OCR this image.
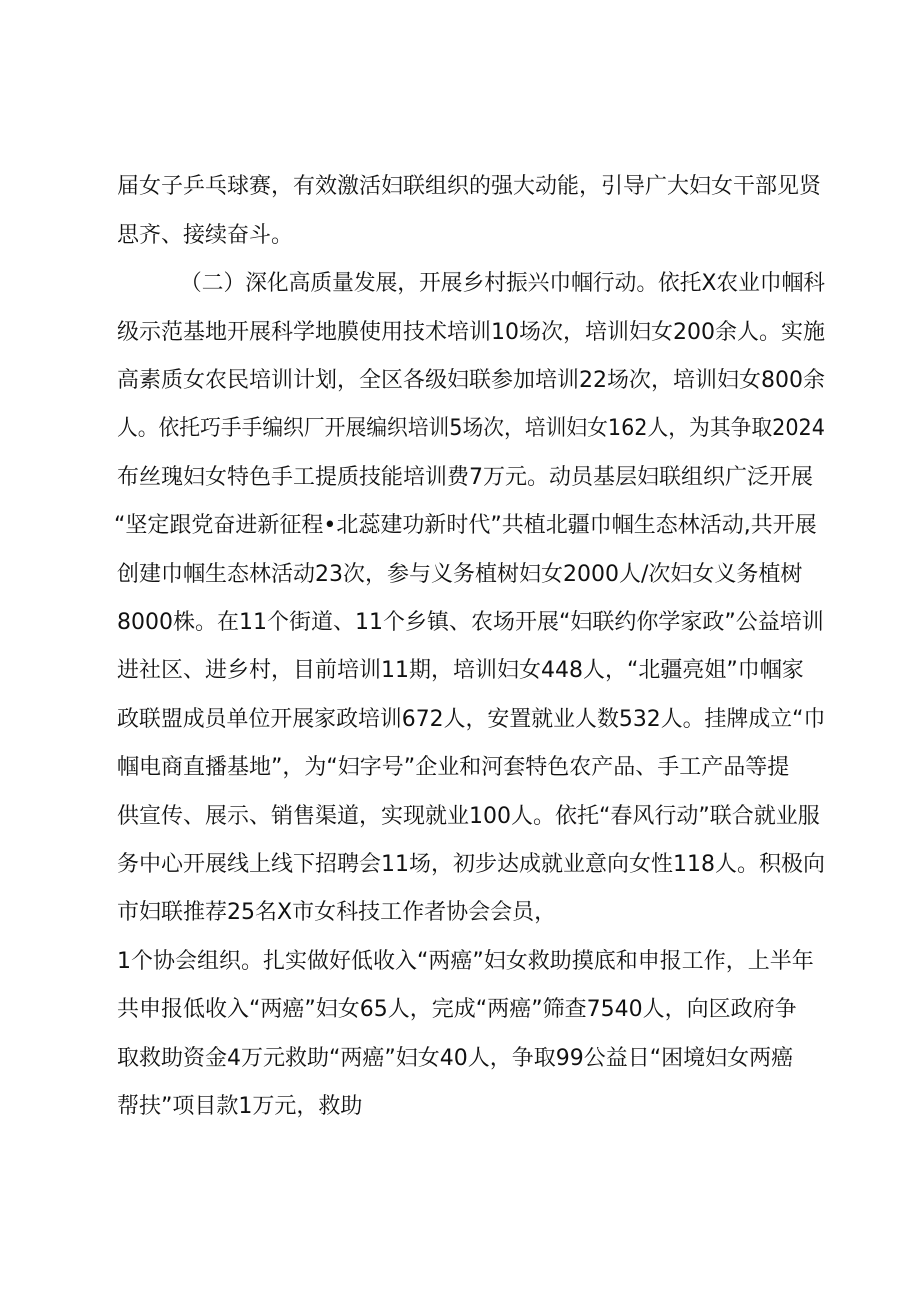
届女子乒乓球赛，有效激活妇联组织的强大动能，引导广大妇女干部见贤
思齐、接续奋斗。
（二）深化高质量发展，开展乡村振兴巾帼行动。依托X农业巾帼科
级示范基地开展科学地膜使用技术培训10场次，培训妇女200余人。实施
高素质女农民培训计划，全区各级妇联参加培训22场次，培训妇女800余
人。依托巧手手编织厂开展编织培训5场次，培训妇女162人，为其争取2024
布丝瑰妇女特色手工提质技能培训费7万元。动员基层妇联组织广泛开展
“坚定跟党奋进新征程•北蕊建功新时代”共植北疆巾帼生态林活动,共开展
创建巾帼生态林活动23次，参与义务植树妇女2000人/次妇女义务植树
8000株。在11个街道、11个乡镇、农场开展“妇联约你学家政”公益培训
进社区、进乡村，目前培训11期，培训妇女448人，“北疆亮姐”巾帼家
政联盟成员单位开展家政培训672人，安置就业人数532人。挂牌成立“巾
帼电商直播基地”，为“妇字号”企业和河套特色农产品、手工产品等提
供宣传、展示、销售渠道，实现就业100人。依托“春风行动”联合就业服
务中心开展线上线下招聘会11场，初步达成就业意向女性118人。积极向
市妇联推荐25名X市女科技工作者协会会员，
1个协会组织。扎实做好低收入“两癌”妇女救助摸底和申报工作，上半年
共申报低收入“两癌”妇女65人，完成“两癌”筛查7540人，向区政府争
取救助资金4万元救助“两癌”妇女40人，争取99公益日“困境妇女两癌
帮扶”项目款1万元，救助
